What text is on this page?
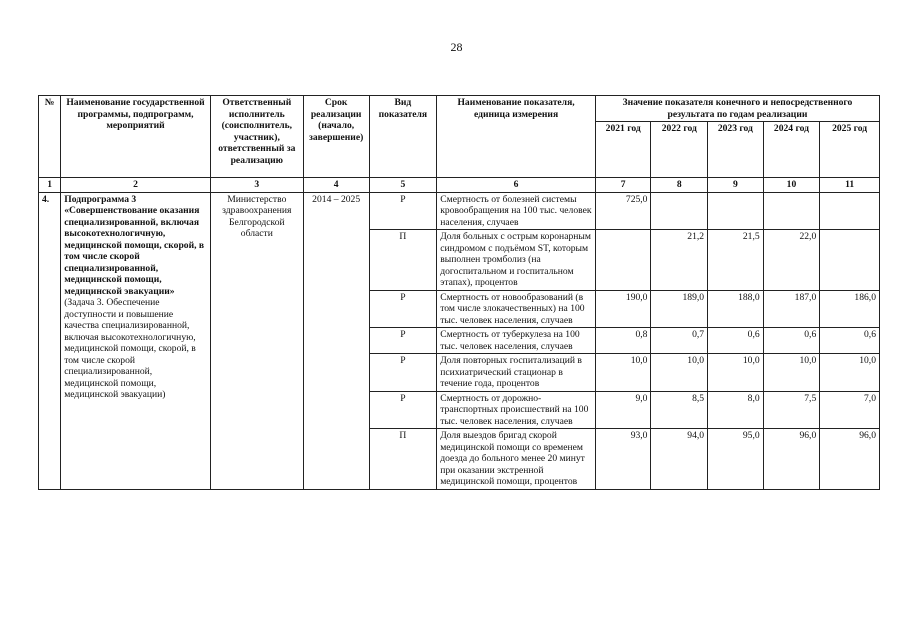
28
№	Наименование государственной программы, подпрограмм, мероприятий	Ответственный исполнитель (соисполнитель, участник), ответственный за реализацию	Срок реализации (начало, завершение)	Вид показателя	Наименование показателя, единица измерения	Значение показателя конечного и непосредственного результата по годам реализации				
						2021 год	2022 год	2023 год	2024 год	2025 год
1	2	3	4	5	6	7	8	9	10	11
4.	Подпрограмма 3 «Совершенствование оказания специализированной, включая высокотехнологичную, медицинской помощи, скорой, в том числе скорой специализированной, медицинской помощи, медицинской эвакуации»
(Задача 3. Обеспечение доступности и повышение качества специализированной, включая высокотехнологичную, медицинской помощи, скорой, в том числе скорой специализированной, медицинской помощи, медицинской эвакуации)	Министерство здравоохранения Белгородской области	2014 – 2025	Р	Смертность от болезней системы кровообращения на 100 тыс. человек населения, случаев	725,0				
				П	Доля больных с острым коронарным синдромом с подъёмом ST, которым выполнен тромболиз (на догоспитальном и госпитальном этапах), процентов		21,2	21,5	22,0	
				Р	Смертность от новообразований (в том числе злокачественных) на 100 тыс. человек населения, случаев	190,0	189,0	188,0	187,0	186,0
				Р	Смертность от туберкулеза на 100 тыс. человек населения, случаев	0,8	0,7	0,6	0,6	0,6
				Р	Доля повторных госпитализаций в психиатрический стационар в течение года, процентов	10,0	10,0	10,0	10,0	10,0
				Р	Смертность от дорожно-транспортных происшествий на 100 тыс. человек населения, случаев	9,0	8,5	8,0	7,5	7,0
				П	Доля выездов бригад скорой медицинской помощи со временем доезда до больного менее 20 минут при оказании экстренной медицинской помощи, процентов	93,0	94,0	95,0	96,0	96,0
